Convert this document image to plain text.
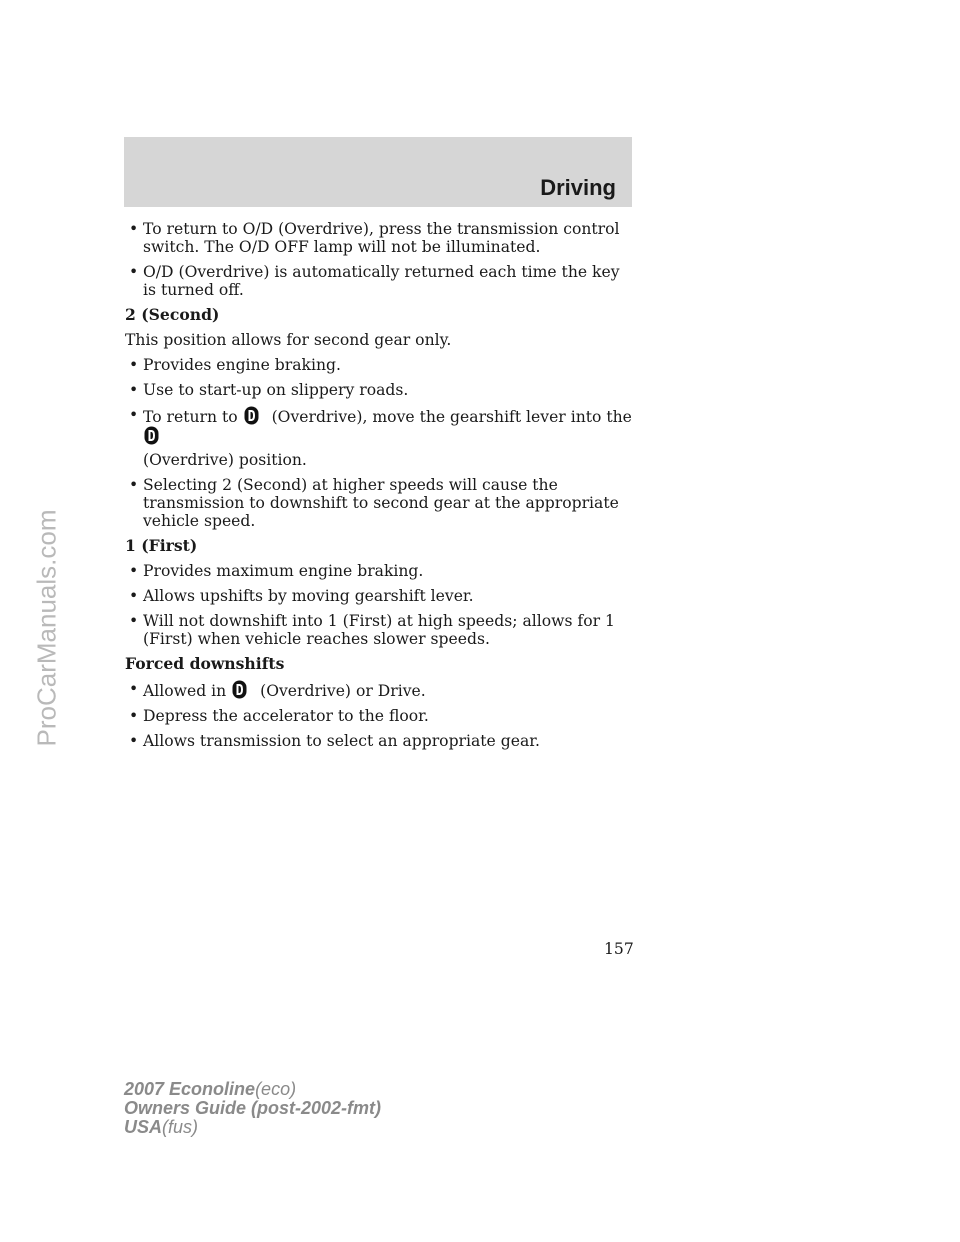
Driving
• To return to O/D (Overdrive), press the transmission control switch. The O/D OFF lamp will not be illuminated.
• O/D (Overdrive) is automatically returned each time the key is turned off.
2 (Second)
This position allows for second gear only.
• Provides engine braking.
• Use to start-up on slippery roads.
• To return to (Overdrive), move the gearshift lever into the
(Overdrive) position.
• Selecting 2 (Second) at higher speeds will cause the transmission to downshift to second gear at the appropriate vehicle speed.
1 (First)
• Provides maximum engine braking.
• Allows upshifts by moving gearshift lever.
• Will not downshift into 1 (First) at high speeds; allows for 1 (First) when vehicle reaches slower speeds.
Forced downshifts
• Allowed in (Overdrive) or Drive.
• Depress the accelerator to the floor.
• Allows transmission to select an appropriate gear.
157
2007 Econoline(eco)
Owners Guide (post-2002-fmt)
USA(fus)
ProCarManuals.com
